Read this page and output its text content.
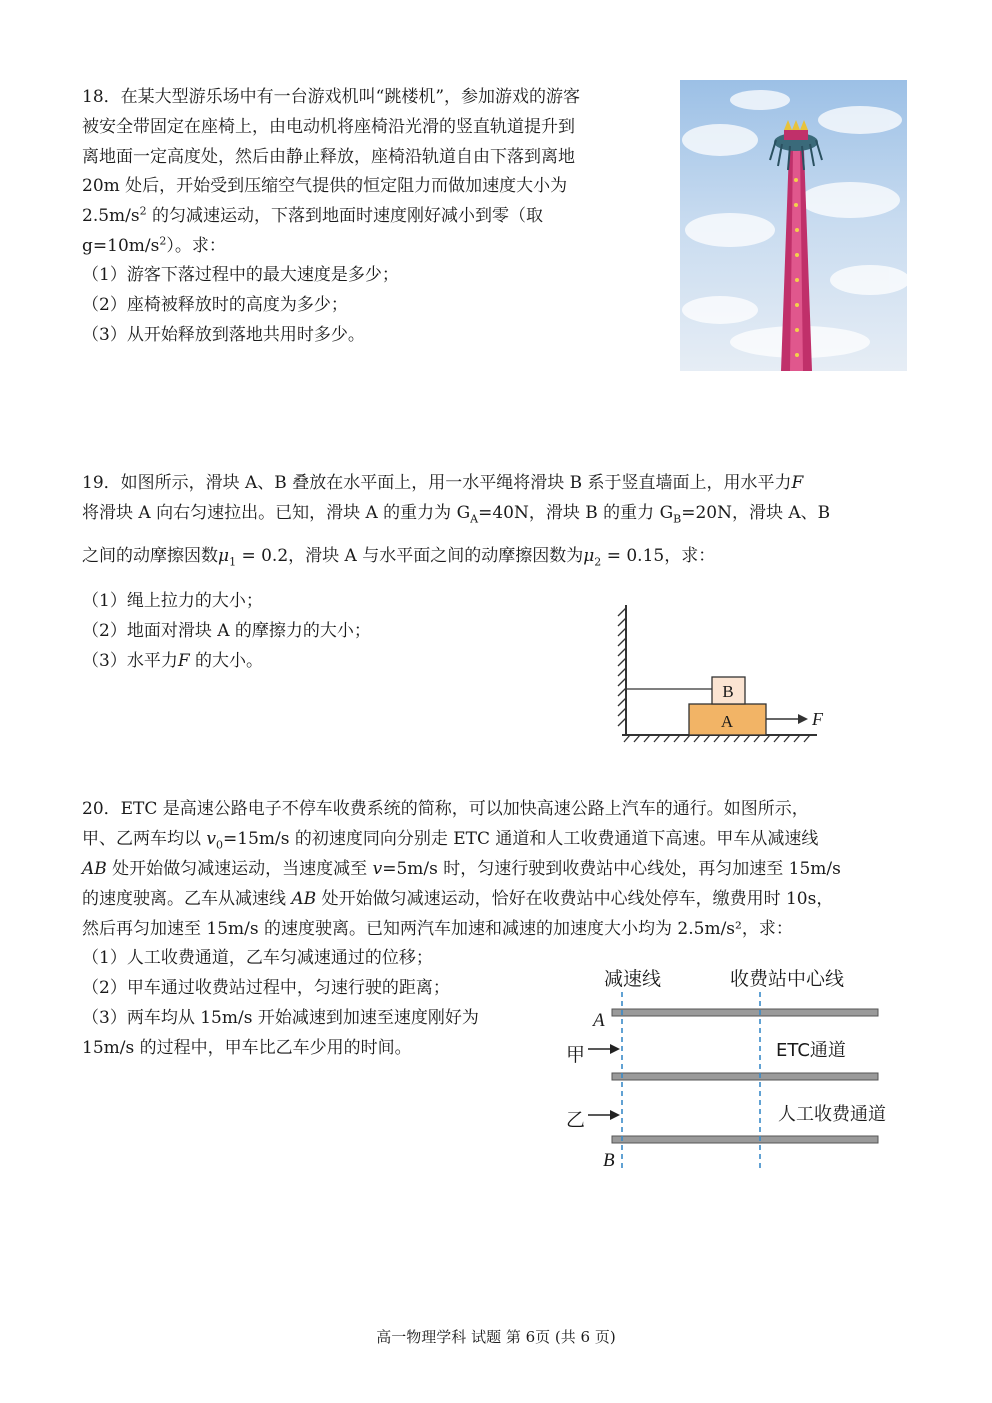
18．在某大型游乐场中有一台游戏机叫“跳楼机”，参加游戏的游客
被安全带固定在座椅上，由电动机将座椅沿光滑的竖直轨道提升到
离地面一定高度处，然后由静止释放，座椅沿轨道自由下落到离地
20m 处后，开始受到压缩空气提供的恒定阻力而做加速度大小为
$2.5m/s^2$ 的匀减速运动，下落到地面时速度刚好减小到零（取
$g=10m/s^2$）。求：
（1）游客下落过程中的最大速度是多少；
（2）座椅被释放时的高度为多少；
（3）从开始释放到落地共用时多少。
19．如图所示，滑块 A、B 叠放在水平面上，用一水平绳将滑块 B 系于竖直墙面上，用水平力F
将滑块 A 向右匀速拉出。已知，滑块 A 的重力为 $G_A=40N$，滑块 B 的重力 $G_B=20N$，滑块 A、B
之间的动摩擦因数$\mu_1 = 0.2$，滑块 A 与水平面之间的动摩擦因数为$\mu_2 = 0.15$，求：
（1）绳上拉力的大小；
（2）地面对滑块 A 的摩擦力的大小；
（3）水平力F 的大小。
A
B
F
20．ETC 是高速公路电子不停车收费系统的简称，可以加快高速公路上汽车的通行。如图所示，
甲、乙两车均以 $v_0=15m/s$ 的初速度同向分别走 ETC 通道和人工收费通道下高速。甲车从减速线
AB 处开始做匀减速运动，当速度减至 v=5m/s 时，匀速行驶到收费站中心线处，再匀加速至 15m/s
的速度驶离。乙车从减速线 AB 处开始做匀减速运动，恰好在收费站中心线处停车，缴费用时 10s，
然后再匀加速至 15m/s 的速度驶离。已知两汽车加速和减速的加速度大小均为 2.5m/s²，求：
（1）人工收费通道，乙车匀减速通过的位移；
（2）甲车通过收费站过程中，匀速行驶的距离；
（3）两车均从 15m/s 开始减速到加速至速度刚好为
15m/s 的过程中，甲车比乙车少用的时间。
减速线	收费站中心线
A
B
甲
乙
ETC通道
人工收费通道
高一物理学科 试题 第 6页 (共 6 页)
